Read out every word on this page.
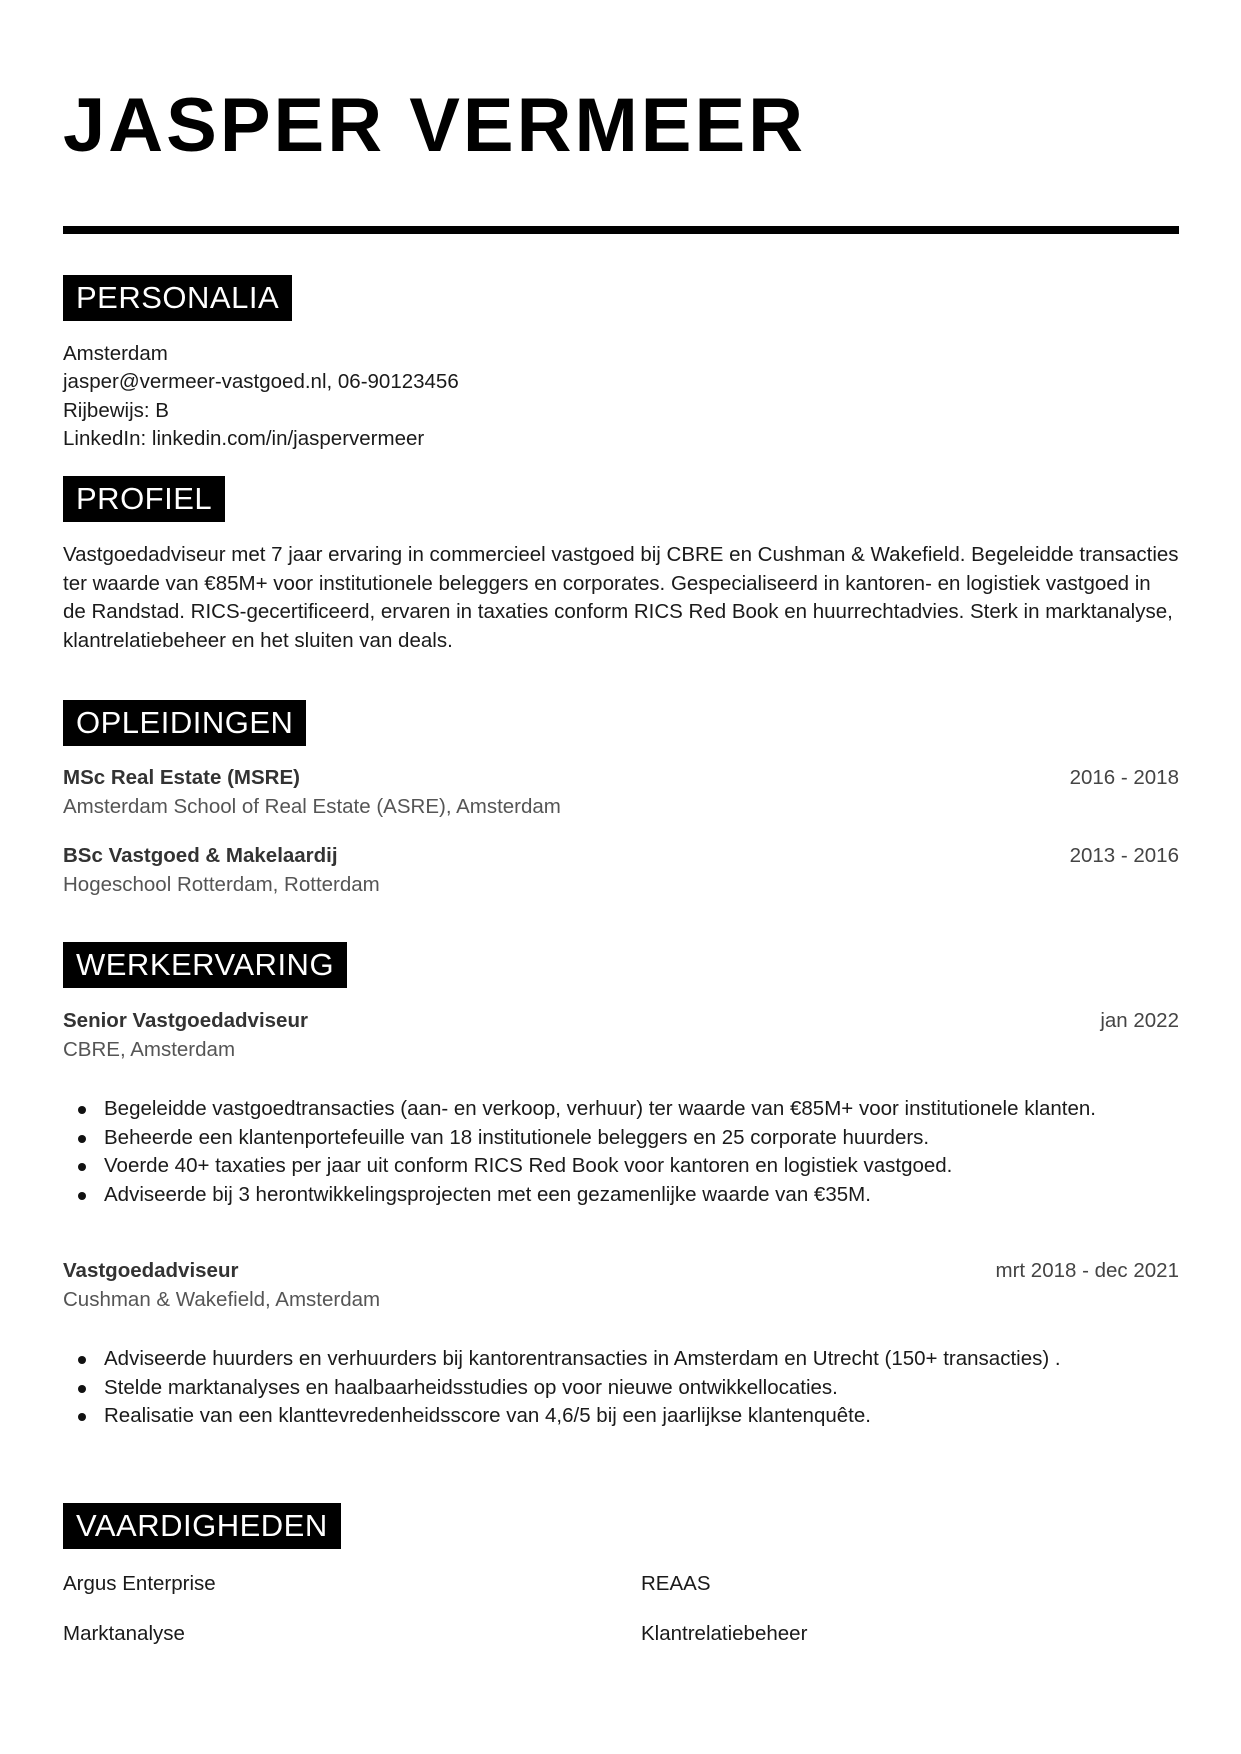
JASPER VERMEER
PERSONALIA
Amsterdam
jasper@vermeer-vastgoed.nl, 06-90123456
Rijbewijs: B
LinkedIn: linkedin.com/in/jaspervermeer
PROFIEL
Vastgoedadviseur met 7 jaar ervaring in commercieel vastgoed bij CBRE en Cushman & Wakefield. Begeleidde transacties ter waarde van €85M+ voor institutionele beleggers en corporates. Gespecialiseerd in kantoren- en logistiek vastgoed in de Randstad. RICS-gecertificeerd, ervaren in taxaties conform RICS Red Book en huurrechtadvies. Sterk in marktanalyse, klantrelatiebeheer en het sluiten van deals.
OPLEIDINGEN
MSc Real Estate (MSRE)	2016 - 2018
Amsterdam School of Real Estate (ASRE), Amsterdam
BSc Vastgoed & Makelaardij	2013 - 2016
Hogeschool Rotterdam, Rotterdam
WERKERVARING
Senior Vastgoedadviseur	jan 2022
CBRE, Amsterdam
Begeleidde vastgoedtransacties (aan- en verkoop, verhuur) ter waarde van €85M+ voor institutionele klanten.
Beheerde een klantenportefeuille van 18 institutionele beleggers en 25 corporate huurders.
Voerde 40+ taxaties per jaar uit conform RICS Red Book voor kantoren en logistiek vastgoed.
Adviseerde bij 3 herontwikkelingsprojecten met een gezamenlijke waarde van €35M.
Vastgoedadviseur	mrt 2018 - dec 2021
Cushman & Wakefield, Amsterdam
Adviseerde huurders en verhuurders bij kantorentransacties in Amsterdam en Utrecht (150+ transacties) .
Stelde marktanalyses en haalbaarheidsstudies op voor nieuwe ontwikkellocaties.
Realisatie van een klanttevredenheidsscore van 4,6/5 bij een jaarlijkse klantenquête.
VAARDIGHEDEN
Argus Enterprise	REAAS
Marktanalyse	Klantrelatiebeheer
